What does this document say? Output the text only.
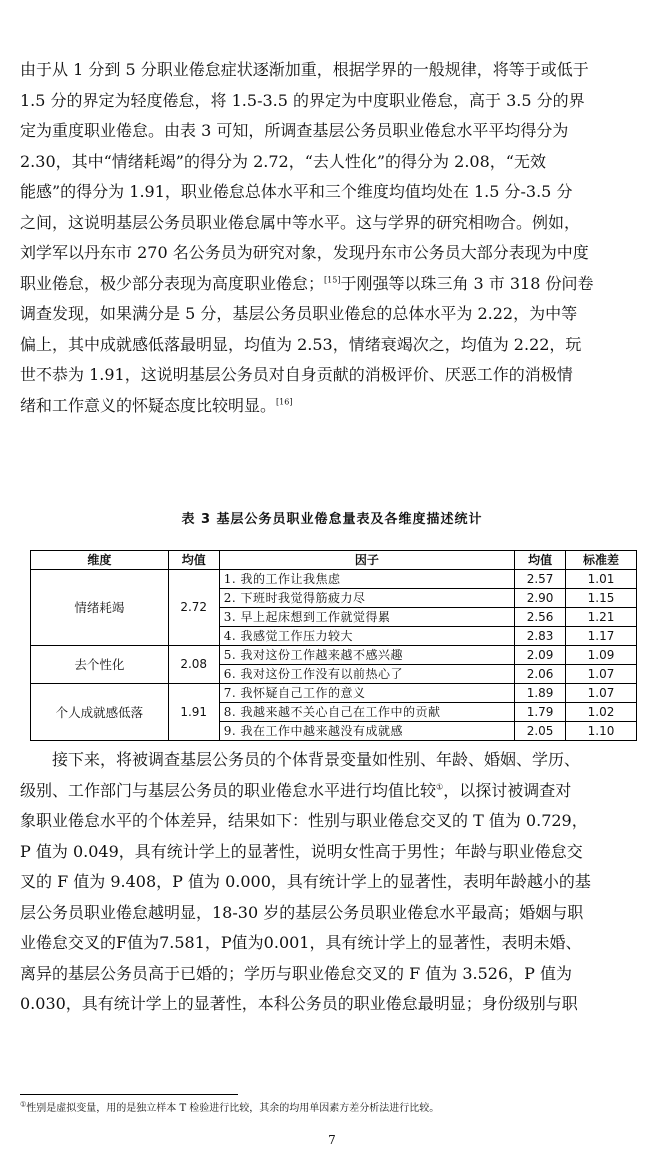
由于从 1 分到 5 分职业倦怠症状逐渐加重，根据学界的一般规律，将等于或低于
1.5 分的界定为轻度倦怠，将 1.5-3.5 的界定为中度职业倦怠，高于 3.5 分的界
定为重度职业倦怠。由表 3 可知，所调查基层公务员职业倦怠水平平均得分为
2.30，其中“情绪耗竭”的得分为 2.72，“去人性化”的得分为 2.08，“无效
能感”的得分为 1.91，职业倦怠总体水平和三个维度均值均处在 1.5 分-3.5 分
之间，这说明基层公务员职业倦怠属中等水平。这与学界的研究相吻合。例如，
刘学军以丹东市 270 名公务员为研究对象，发现丹东市公务员大部分表现为中度
职业倦怠，极少部分表现为高度职业倦怠；[15]于刚强等以珠三角 3 市 318 份问卷
调查发现，如果满分是 5 分，基层公务员职业倦怠的总体水平为 2.22，为中等
偏上，其中成就感低落最明显，均值为 2.53，情绪衰竭次之，均值为 2.22，玩
世不恭为 1.91，这说明基层公务员对自身贡献的消极评价、厌恶工作的消极情
绪和工作意义的怀疑态度比较明显。[16]
表 3 基层公务员职业倦怠量表及各维度描述统计
维度	均值	因子	均值	标准差
情绪耗竭	2.72	1. 我的工作让我焦虑	2.57	1.01
		2. 下班时我觉得筋疲力尽	2.90	1.15
		3. 早上起床想到工作就觉得累	2.56	1.21
		4. 我感觉工作压力较大	2.83	1.17
去个性化	2.08	5. 我对这份工作越来越不感兴趣	2.09	1.09
		6. 我对这份工作没有以前热心了	2.06	1.07
个人成就感低落	1.91	7. 我怀疑自己工作的意义	1.89	1.07
		8. 我越来越不关心自己在工作中的贡献	1.79	1.02
		9. 我在工作中越来越没有成就感	2.05	1.10
接下来，将被调查基层公务员的个体背景变量如性别、年龄、婚姻、学历、
级别、工作部门与基层公务员的职业倦怠水平进行均值比较①，以探讨被调查对
象职业倦怠水平的个体差异，结果如下：性别与职业倦怠交叉的 T 值为 0.729，
P 值为 0.049，具有统计学上的显著性，说明女性高于男性；年龄与职业倦怠交
叉的 F 值为 9.408，P 值为 0.000，具有统计学上的显著性，表明年龄越小的基
层公务员职业倦怠越明显，18-30 岁的基层公务员职业倦怠水平最高；婚姻与职
业倦怠交叉的F值为7.581，P值为0.001，具有统计学上的显著性，表明未婚、
离异的基层公务员高于已婚的；学历与职业倦怠交叉的 F 值为 3.526，P 值为
0.030，具有统计学上的显著性，本科公务员的职业倦怠最明显；身份级别与职
①性别是虚拟变量，用的是独立样本 T 检验进行比较，其余的均用单因素方差分析法进行比较。
7
